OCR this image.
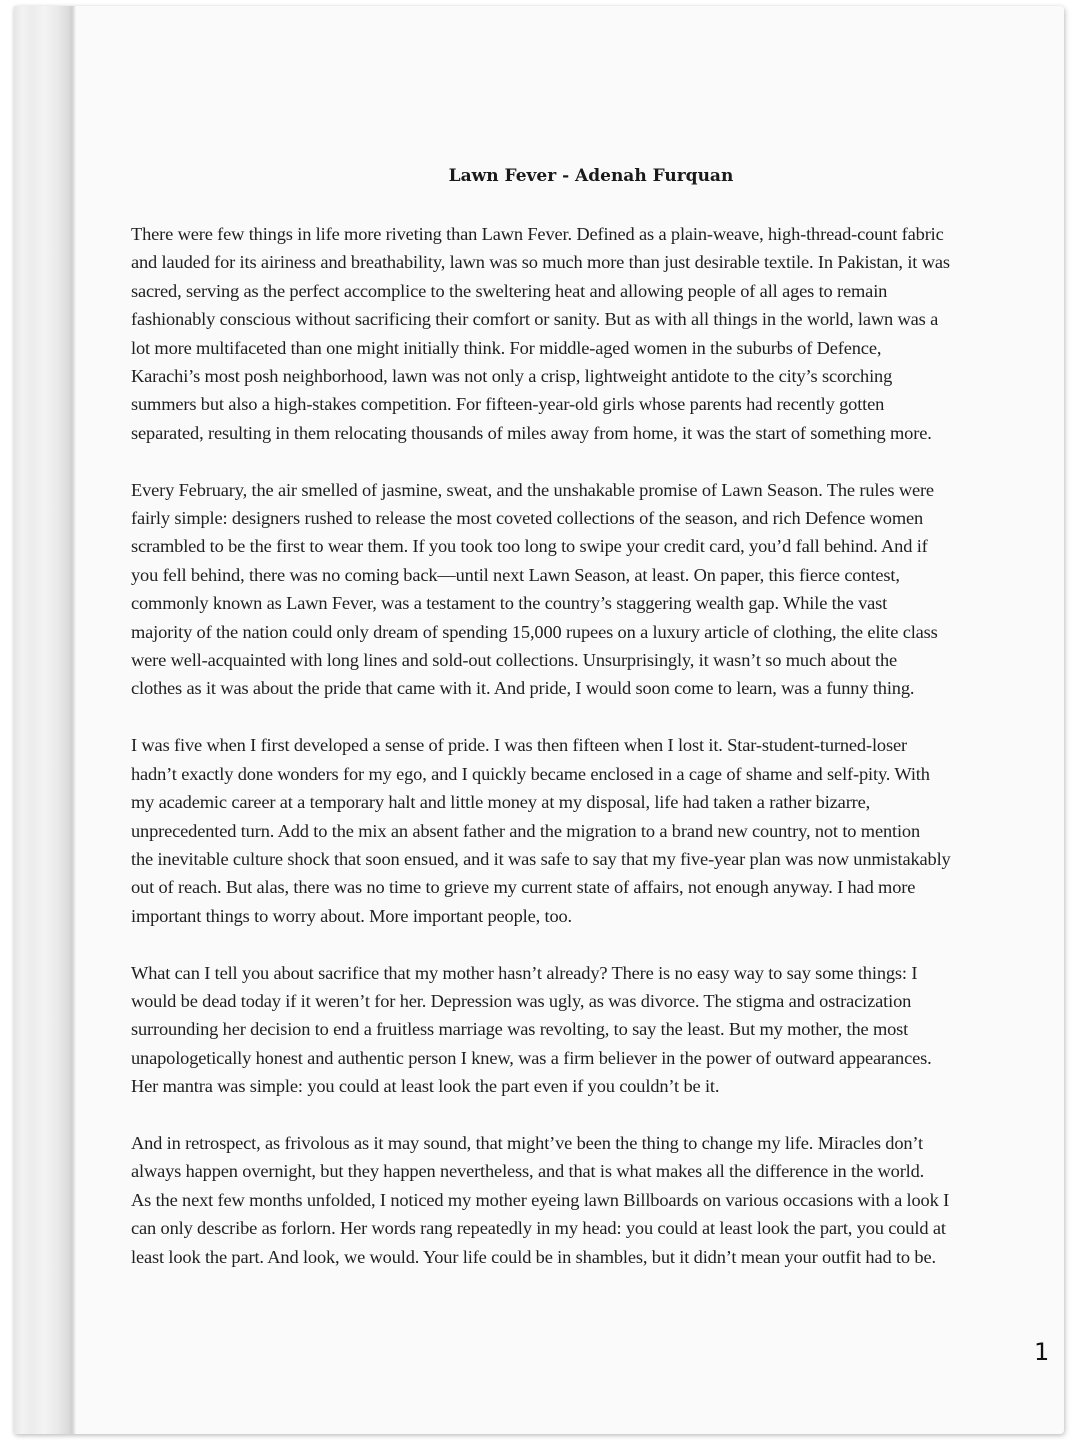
Lawn Fever - Adenah Furquan

There were few things in life more riveting than Lawn Fever. Defined as a plain-weave, high-thread-count fabric
and lauded for its airiness and breathability, lawn was so much more than just desirable textile. In Pakistan, it was
sacred, serving as the perfect accomplice to the sweltering heat and allowing people of all ages to remain
fashionably conscious without sacrificing their comfort or sanity. But as with all things in the world, lawn was a
lot more multifaceted than one might initially think. For middle-aged women in the suburbs of Defence,
Karachi’s most posh neighborhood, lawn was not only a crisp, lightweight antidote to the city’s scorching
summers but also a high-stakes competition. For fifteen-year-old girls whose parents had recently gotten
separated, resulting in them relocating thousands of miles away from home, it was the start of something more.

Every February, the air smelled of jasmine, sweat, and the unshakable promise of Lawn Season. The rules were
fairly simple: designers rushed to release the most coveted collections of the season, and rich Defence women
scrambled to be the first to wear them. If you took too long to swipe your credit card, you’d fall behind. And if
you fell behind, there was no coming back—until next Lawn Season, at least. On paper, this fierce contest,
commonly known as Lawn Fever, was a testament to the country’s staggering wealth gap. While the vast
majority of the nation could only dream of spending 15,000 rupees on a luxury article of clothing, the elite class
were well-acquainted with long lines and sold-out collections. Unsurprisingly, it wasn’t so much about the
clothes as it was about the pride that came with it. And pride, I would soon come to learn, was a funny thing.

I was five when I first developed a sense of pride. I was then fifteen when I lost it. Star-student-turned-loser
hadn’t exactly done wonders for my ego, and I quickly became enclosed in a cage of shame and self-pity. With
my academic career at a temporary halt and little money at my disposal, life had taken a rather bizarre,
unprecedented turn. Add to the mix an absent father and the migration to a brand new country, not to mention
the inevitable culture shock that soon ensued, and it was safe to say that my five-year plan was now unmistakably
out of reach. But alas, there was no time to grieve my current state of affairs, not enough anyway. I had more
important things to worry about. More important people, too.

What can I tell you about sacrifice that my mother hasn’t already? There is no easy way to say some things: I
would be dead today if it weren’t for her. Depression was ugly, as was divorce. The stigma and ostracization
surrounding her decision to end a fruitless marriage was revolting, to say the least. But my mother, the most
unapologetically honest and authentic person I knew, was a firm believer in the power of outward appearances.
Her mantra was simple: you could at least look the part even if you couldn’t be it.

And in retrospect, as frivolous as it may sound, that might’ve been the thing to change my life. Miracles don’t
always happen overnight, but they happen nevertheless, and that is what makes all the difference in the world.
As the next few months unfolded, I noticed my mother eyeing lawn Billboards on various occasions with a look I
can only describe as forlorn. Her words rang repeatedly in my head: you could at least look the part, you could at
least look the part. And look, we would. Your life could be in shambles, but it didn’t mean your outfit had to be.

1
